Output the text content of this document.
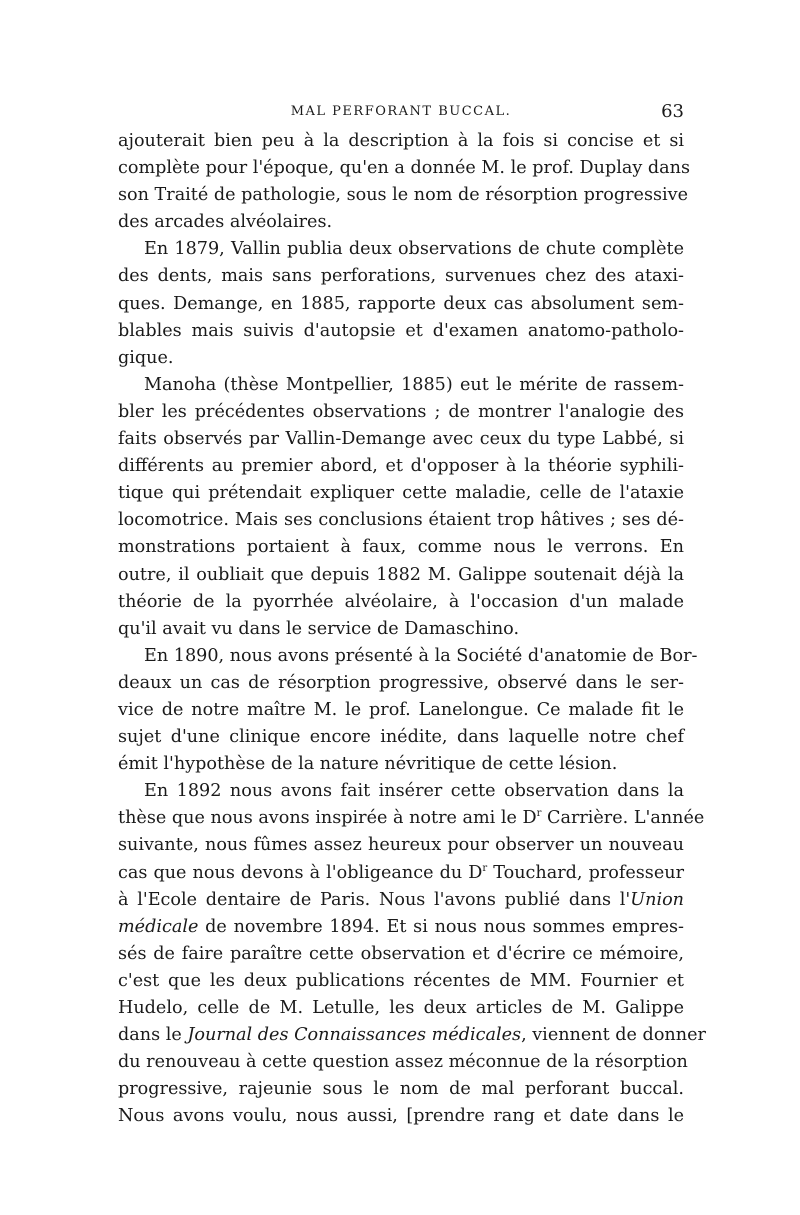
MAL PERFORANT BUCCAL.	63
ajouterait bien peu à la description à la fois si concise et si
complète pour l'époque, qu'en a donnée M. le prof. Duplay dans
son Traité de pathologie, sous le nom de résorption progressive
des arcades alvéolaires.
En 1879, Vallin publia deux observations de chute complète
des dents, mais sans perforations, survenues chez des ataxi-
ques. Demange, en 1885, rapporte deux cas absolument sem-
blables mais suivis d'autopsie et d'examen anatomo-patholo-
gique.
Manoha (thèse Montpellier, 1885) eut le mérite de rassem-
bler les précédentes observations ; de montrer l'analogie des
faits observés par Vallin-Demange avec ceux du type Labbé, si
différents au premier abord, et d'opposer à la théorie syphili-
tique qui prétendait expliquer cette maladie, celle de l'ataxie
locomotrice. Mais ses conclusions étaient trop hâtives ; ses dé-
monstrations portaient à faux, comme nous le verrons. En
outre, il oubliait que depuis 1882 M. Galippe soutenait déjà la
théorie de la pyorrhée alvéolaire, à l'occasion d'un malade
qu'il avait vu dans le service de Damaschino.
En 1890, nous avons présenté à la Société d'anatomie de Bor-
deaux un cas de résorption progressive, observé dans le ser-
vice de notre maître M. le prof. Lanelongue. Ce malade fit le
sujet d'une clinique encore inédite, dans laquelle notre chef
émit l'hypothèse de la nature névritique de cette lésion.
En 1892 nous avons fait insérer cette observation dans la
thèse que nous avons inspirée à notre ami le $D^r$ Carrière. L'année
suivante, nous fûmes assez heureux pour observer un nouveau
cas que nous devons à l'obligeance du $D^r$ Touchard, professeur
à l'Ecole dentaire de Paris. Nous l'avons publié dans l'Union
médicale de novembre 1894. Et si nous nous sommes empres-
sés de faire paraître cette observation et d'écrire ce mémoire,
c'est que les deux publications récentes de MM. Fournier et
Hudelo, celle de M. Letulle, les deux articles de M. Galippe
dans le Journal des Connaissances médicales, viennent de donner
du renouveau à cette question assez méconnue de la résorption
progressive, rajeunie sous le nom de mal perforant buccal.
Nous avons voulu, nous aussi, [prendre rang et date dans le
